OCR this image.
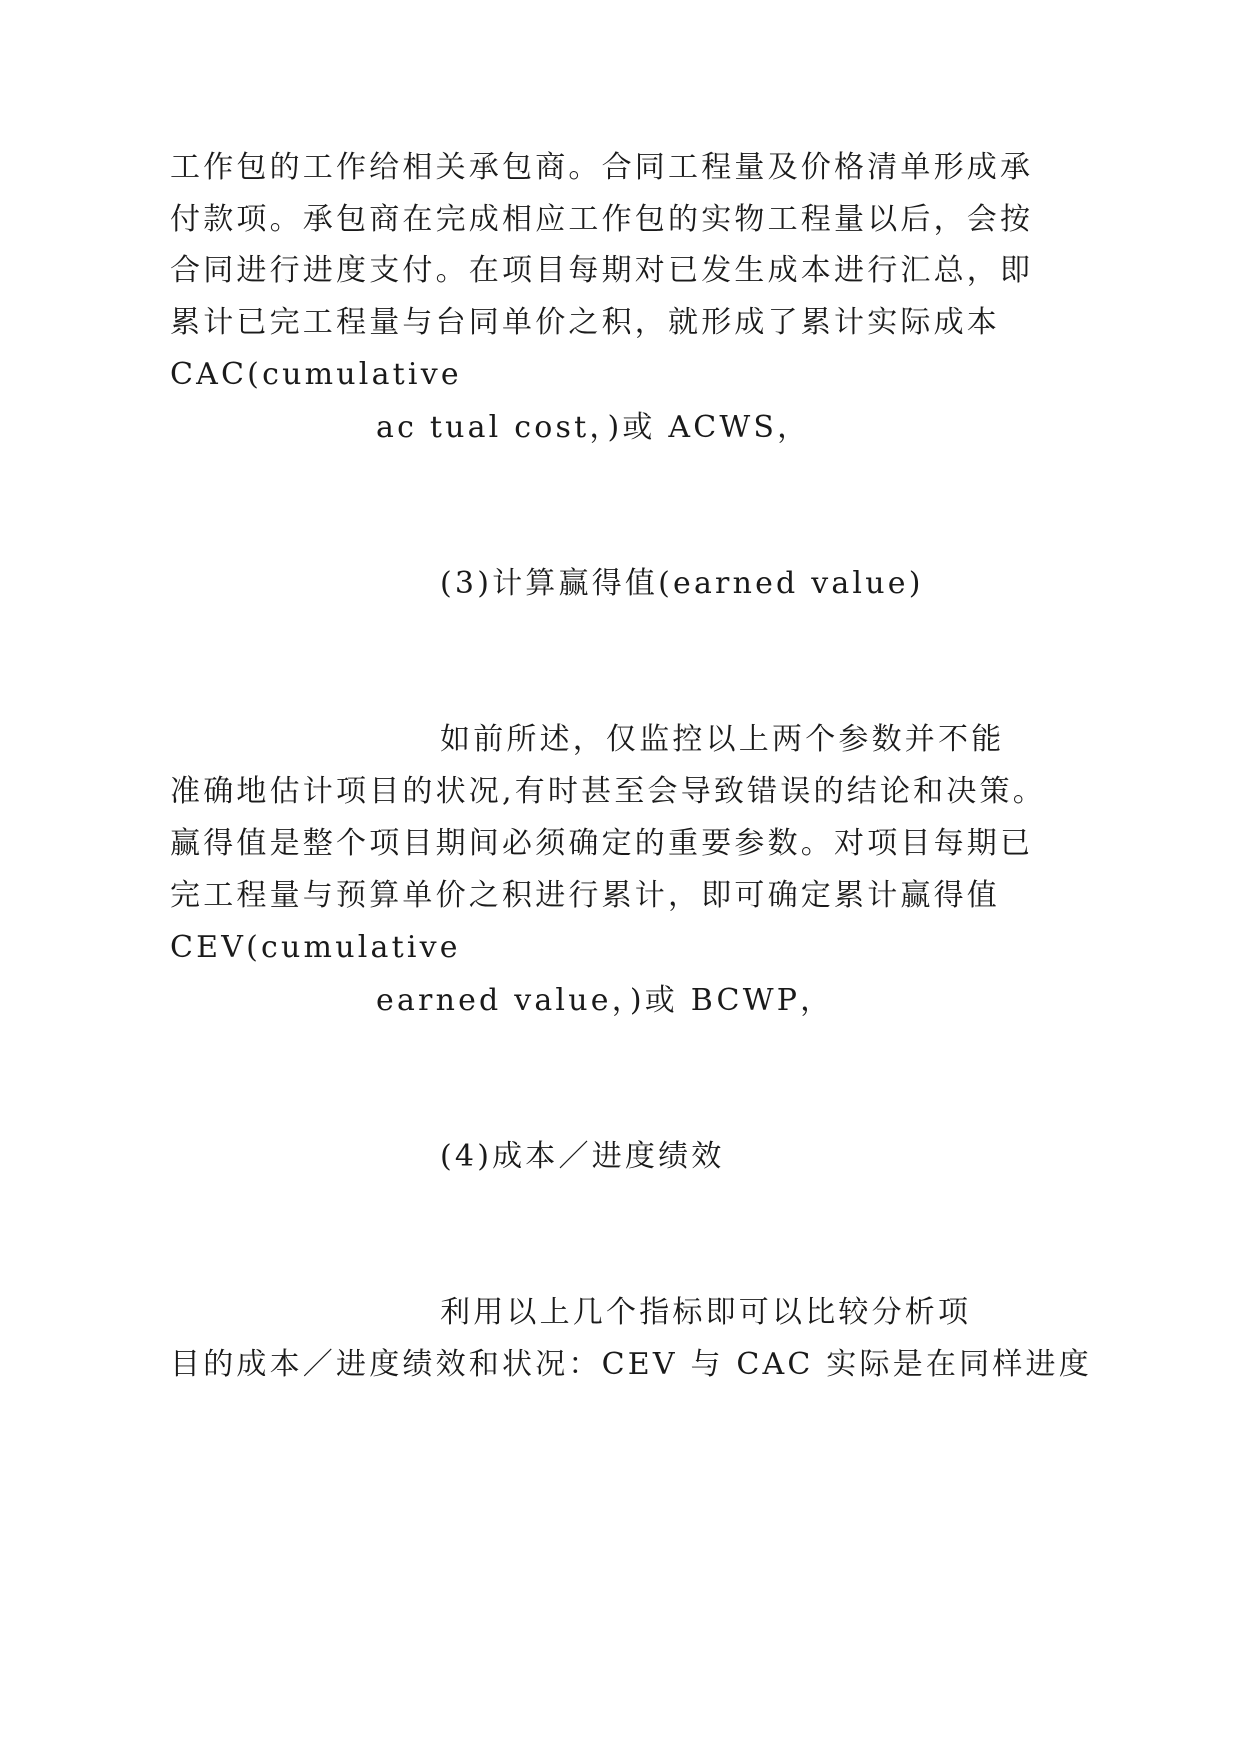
工作包的工作给相关承包商。合同工程量及价格清单形成承
付款项。承包商在完成相应工作包的实物工程量以后，会按
合同进行进度支付。在项目每期对已发生成本进行汇总，即
累计已完工程量与台同单价之积，就形成了累计实际成本
CAC(cumulative
ac tual cost，)或 ACWS，
(3)计算赢得值(earned value)
如前所述，仅监控以上两个参数并不能
准确地估计项目的状况,有时甚至会导致错误的结论和决策。
赢得值是整个项目期间必须确定的重要参数。对项目每期已
完工程量与预算单价之积进行累计，即可确定累计赢得值
CEV(cumulative
earned value，)或 BCWP，
(4)成本／进度绩效
利用以上几个指标即可以比较分析项
目的成本／进度绩效和状况：CEV 与 CAC 实际是在同样进度
